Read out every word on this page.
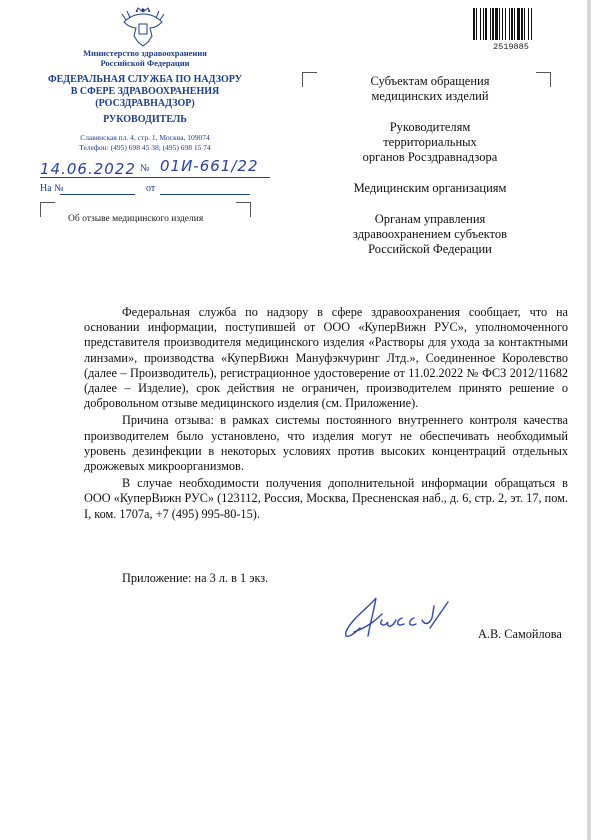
Министерство здравоохранения
Российской Федерации
ФЕДЕРАЛЬНАЯ СЛУЖБА ПО НАДЗОРУ
В СФЕРЕ ЗДРАВООХРАНЕНИЯ
(РОСЗДРАВНАДЗОР)
РУКОВОДИТЕЛЬ
Славянская пл. 4, стр. 1, Москва, 109074
Телефон: (495) 698 45 38; (495) 698 15 74
14.06.2022 № 01И-661/22
На №	от
Об отзыве медицинского изделия
Субъектам обращения
медицинских изделий
Руководителям
территориальных
органов Росздравнадзора
Медицинским организациям
Органам управления
здравоохранением субъектов
Российской Федерации
2519885

Федеральная служба по надзору в сфере здравоохранения сообщает, что на основании информации, поступившей от ООО «КуперВижн РУС», уполномоченного представителя производителя медицинского изделия «Растворы для ухода за контактными линзами», производства «КуперВижн Мануфэкчуринг Лтд.», Соединенное Королевство (далее – Производитель), регистрационное удостоверение от 11.02.2022 № ФСЗ 2012/11682 (далее – Изделие), срок действия не ограничен, производителем принято решение о добровольном отзыве медицинского изделия (см. Приложение).

Причина отзыва: в рамках системы постоянного внутреннего контроля качества производителем было установлено, что изделия могут не обеспечивать необходимый уровень дезинфекции в некоторых условиях против высоких концентраций отдельных дрожжевых микроорганизмов.

В случае необходимости получения дополнительной информации обращаться в ООО «КуперВижн РУС» (123112, Россия, Москва, Пресненская наб., д. 6, стр. 2, эт. 17, пом. I, ком. 1707а, +7 (495) 995-80-15).

Приложение: на 3 л. в 1 экз.
А.В. Самойлова
